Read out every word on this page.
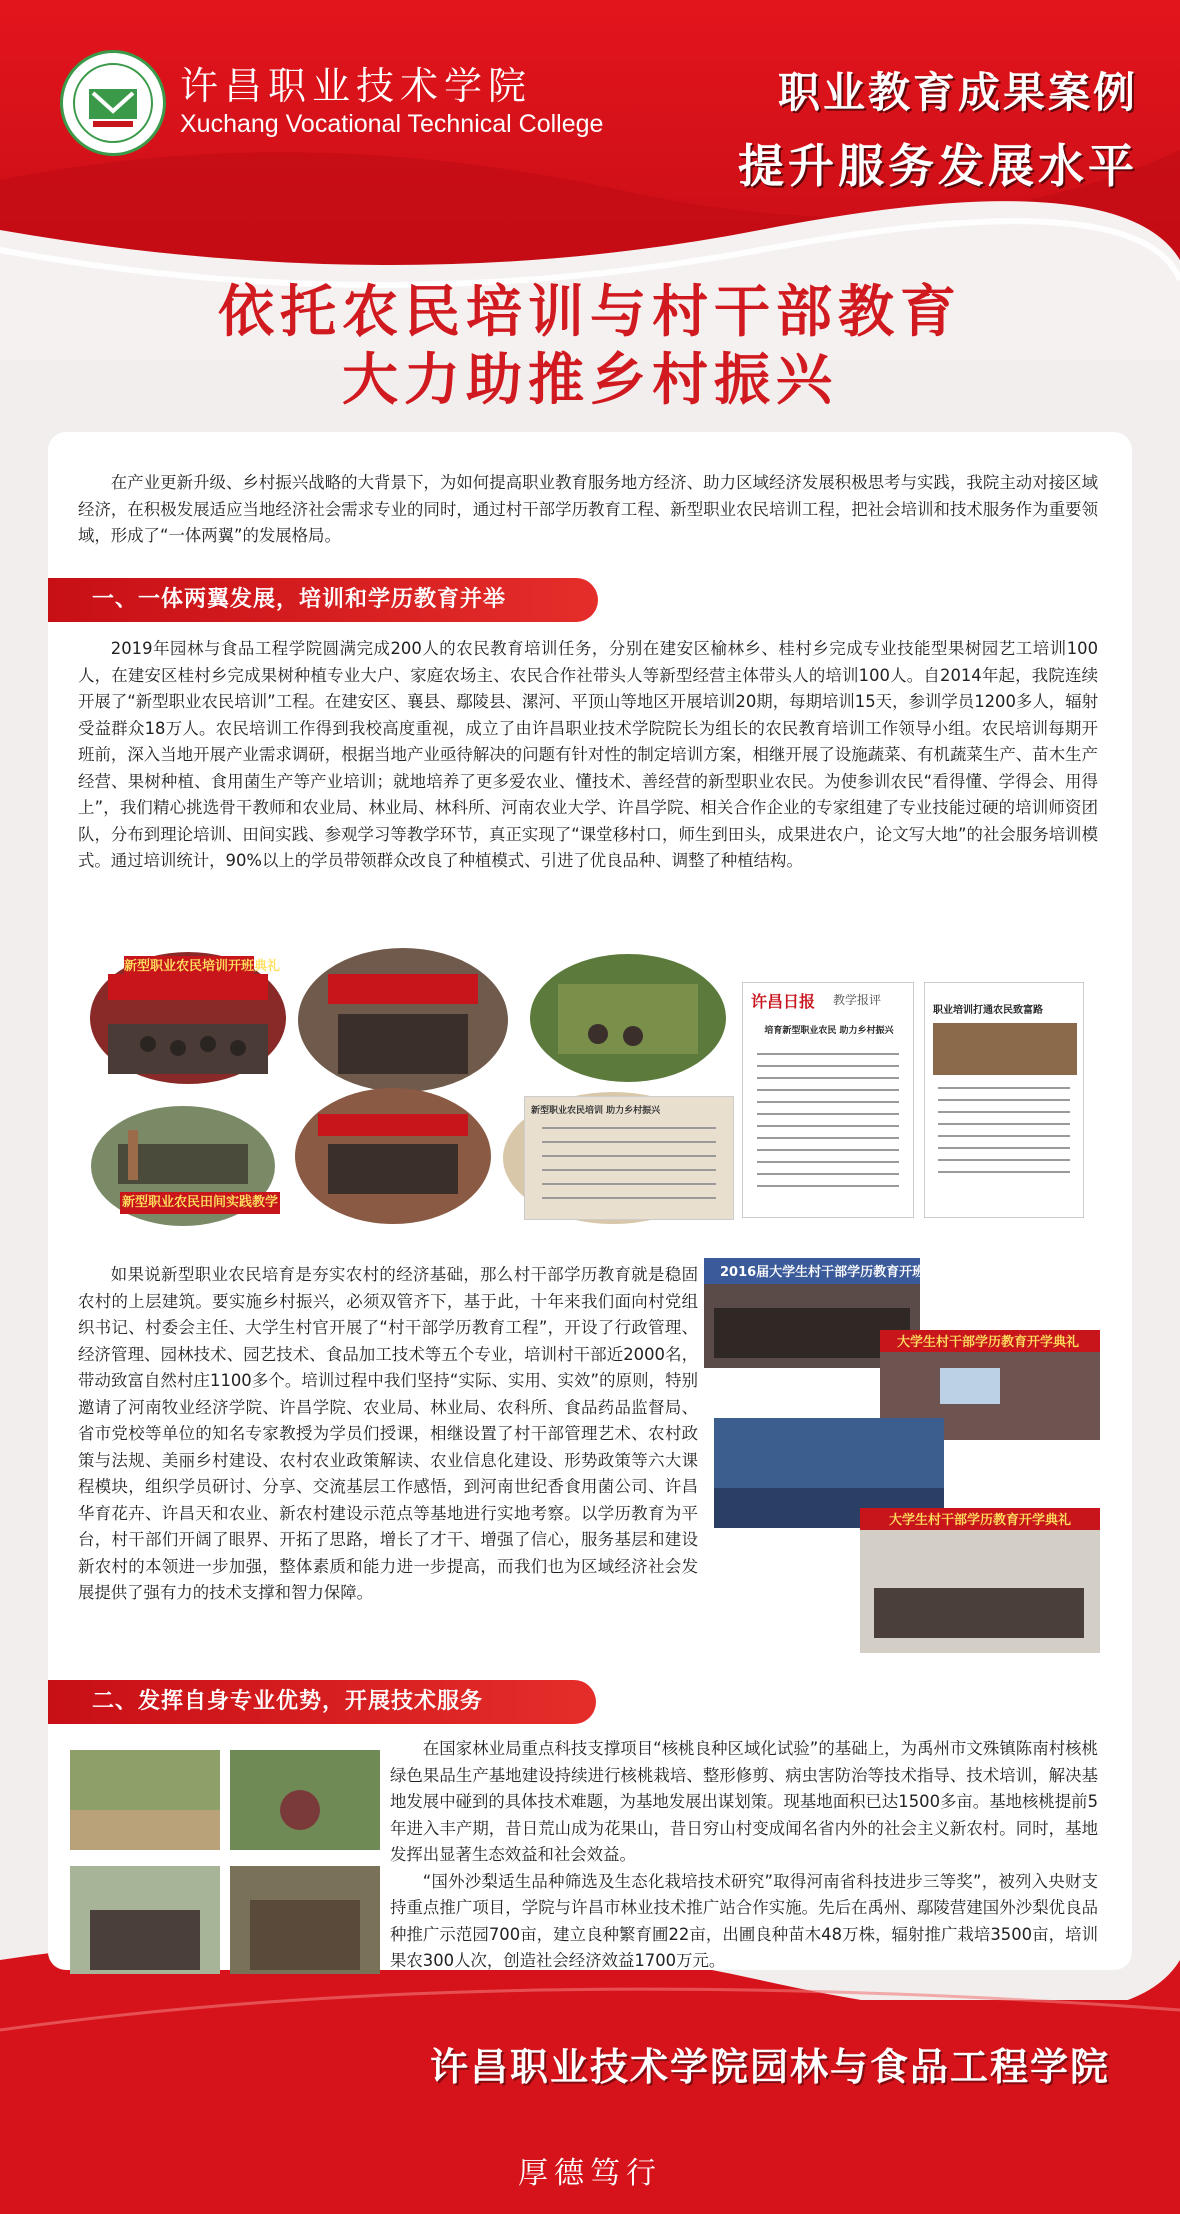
许昌职业技术学院
Xuchang Vocational Technical College
职业教育成果案例
提升服务发展水平
依托农民培训与村干部教育
大力助推乡村振兴
在产业更新升级、乡村振兴战略的大背景下，为如何提高职业教育服务地方经济、助力区域经济发展积极思考与实践，我院主动对接区域经济，在积极发展适应当地经济社会需求专业的同时，通过村干部学历教育工程、新型职业农民培训工程，把社会培训和技术服务作为重要领域，形成了“一体两翼”的发展格局。
一、一体两翼发展，培训和学历教育并举
2019年园林与食品工程学院圆满完成200人的农民教育培训任务，分别在建安区榆林乡、桂村乡完成专业技能型果树园艺工培训100人，在建安区桂村乡完成果树种植专业大户、家庭农场主、农民合作社带头人等新型经营主体带头人的培训100人。自2014年起，我院连续开展了“新型职业农民培训”工程。在建安区、襄县、鄢陵县、漯河、平顶山等地区开展培训20期，每期培训15天，参训学员1200多人，辐射受益群众18万人。农民培训工作得到我校高度重视，成立了由许昌职业技术学院院长为组长的农民教育培训工作领导小组。农民培训每期开班前，深入当地开展产业需求调研，根据当地产业亟待解决的问题有针对性的制定培训方案，相继开展了设施蔬菜、有机蔬菜生产、苗木生产经营、果树种植、食用菌生产等产业培训；就地培养了更多爱农业、懂技术、善经营的新型职业农民。为使参训农民“看得懂、学得会、用得上”，我们精心挑选骨干教师和农业局、林业局、林科所、河南农业大学、许昌学院、相关合作企业的专家组建了专业技能过硬的培训师资团队，分布到理论培训、田间实践、参观学习等教学环节，真正实现了“课堂移村口，师生到田头，成果进农户，论文写大地”的社会服务培训模式。通过培训统计，90%以上的学员带领群众改良了种植模式、引进了优良品种、调整了种植结构。
新型职业农民培训开班典礼
新型职业农民田间实践教学
许昌日报 教学报评
培育新型职业农民 助力乡村振兴
职业培训打通农民致富路
新型职业农民培训 助力乡村振兴
如果说新型职业农民培育是夯实农村的经济基础，那么村干部学历教育就是稳固农村的上层建筑。要实施乡村振兴，必须双管齐下，基于此，十年来我们面向村党组织书记、村委会主任、大学生村官开展了“村干部学历教育工程”，开设了行政管理、经济管理、园林技术、园艺技术、食品加工技术等五个专业，培训村干部近2000名，带动致富自然村庄1100多个。培训过程中我们坚持“实际、实用、实效”的原则，特别邀请了河南牧业经济学院、许昌学院、农业局、林业局、农科所、食品药品监督局、省市党校等单位的知名专家教授为学员们授课，相继设置了村干部管理艺术、农村政策与法规、美丽乡村建设、农村农业政策解读、农业信息化建设、形势政策等六大课程模块，组织学员研讨、分享、交流基层工作感悟，到河南世纪香食用菌公司、许昌华育花卉、许昌天和农业、新农村建设示范点等基地进行实地考察。以学历教育为平台，村干部们开阔了眼界、开拓了思路，增长了才干、增强了信心，服务基层和建设新农村的本领进一步加强，整体素质和能力进一步提高，而我们也为区域经济社会发展提供了强有力的技术支撑和智力保障。
2016届大学生村干部学历教育开班典礼
大学生村干部学历教育开学典礼
大学生村干部学历教育开学典礼
二、发挥自身专业优势，开展技术服务

在国家林业局重点科技支撑项目“核桃良种区域化试验”的基础上，为禹州市文殊镇陈南村核桃绿色果品生产基地建设持续进行核桃栽培、整形修剪、病虫害防治等技术指导、技术培训，解决基地发展中碰到的具体技术难题，为基地发展出谋划策。现基地面积已达1500多亩。基地核桃提前5年进入丰产期，昔日荒山成为花果山，昔日穷山村变成闻名省内外的社会主义新农村。同时，基地发挥出显著生态效益和社会效益。

“国外沙梨适生品种筛选及生态化栽培技术研究”取得河南省科技进步三等奖”，被列入央财支持重点推广项目，学院与许昌市林业技术推广站合作实施。先后在禹州、鄢陵营建国外沙梨优良品种推广示范园700亩，建立良种繁育圃22亩，出圃良种苗木48万株，辐射推广栽培3500亩，培训果农300人次，创造社会经济效益1700万元。

许昌职业技术学院园林与食品工程学院
厚德笃行
